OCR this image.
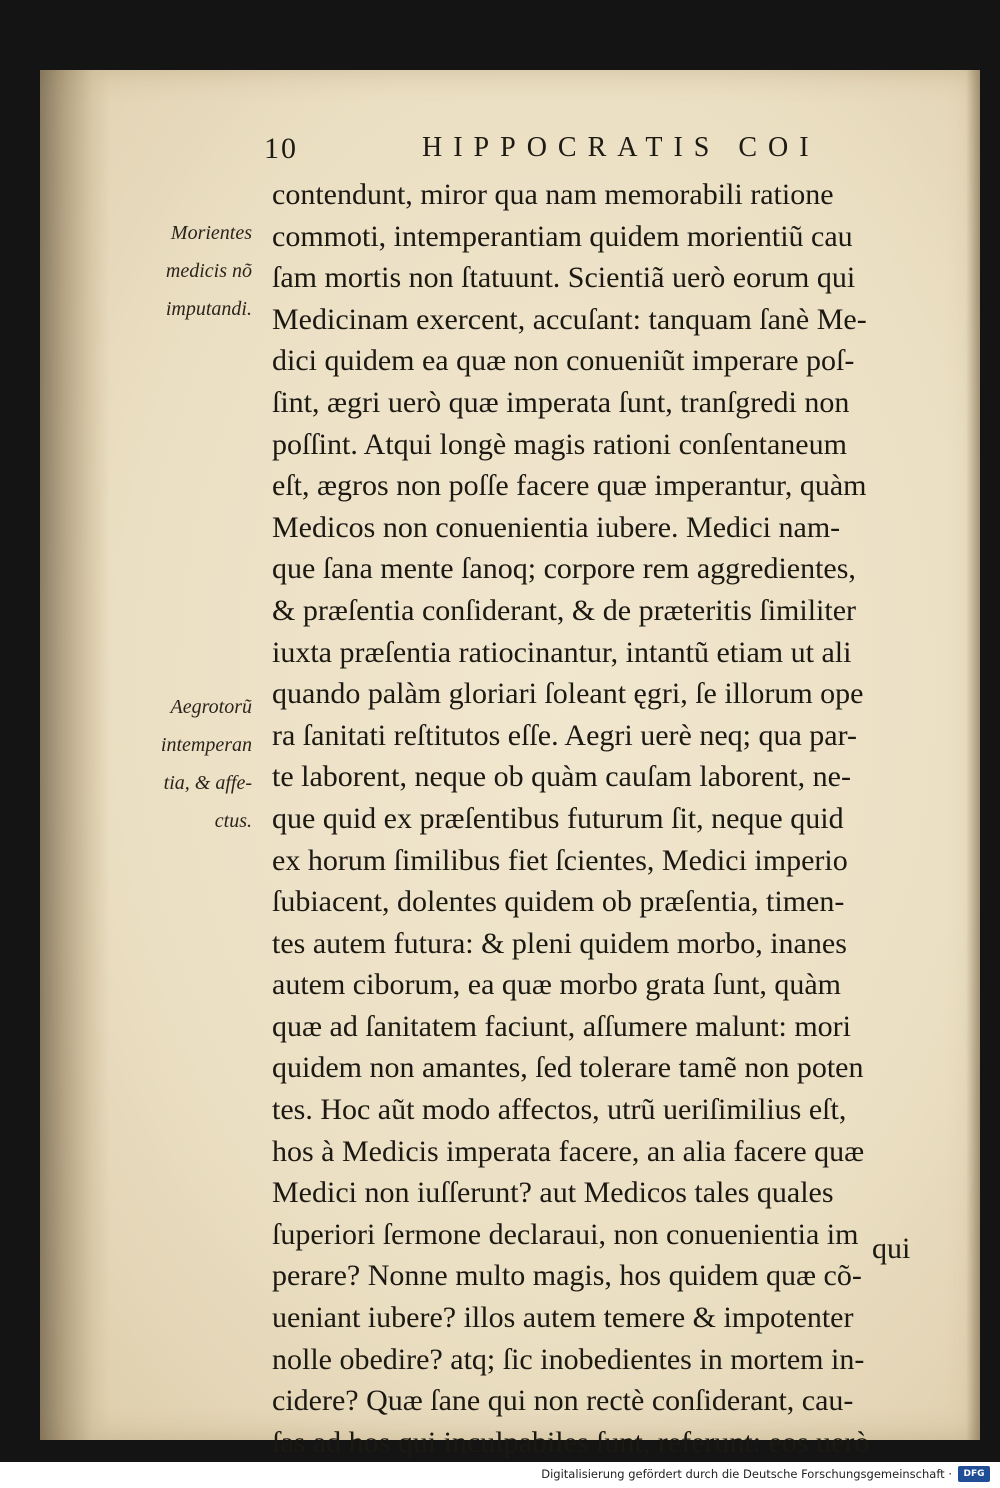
10	HIPPOCRATIS COI
Morientes
medicis nõ
imputandi.
Aegrotorũ
intemperan
tia, & affe-
ctus.
contendunt, miror qua nam memorabili ratione
commoti, intemperantiam quidem morientiũ cau
ſam mortis non ſtatuunt. Scientiã uerò eorum qui
Medicinam exercent, accuſant: tanquam ſanè Me-
dici quidem ea quæ non conueniũt imperare poſ-
ſint, ægri uerò quæ imperata ſunt, tranſgredi non
poſſint. Atqui longè magis rationi conſentaneum
eſt, ægros non poſſe facere quæ imperantur, quàm
Medicos non conuenientia iubere. Medici nam-
que ſana mente ſanoq; corpore rem aggredientes,
& præſentia conſiderant, & de præteritis ſimiliter
iuxta præſentia ratiocinantur, intantũ etiam ut ali
quando palàm gloriari ſoleant ęgri, ſe illorum ope
ra ſanitati reſtitutos eſſe. Aegri uerè neq; qua par-
te laborent, neque ob quàm cauſam laborent, ne-
que quid ex præſentibus futurum ſit, neque quid
ex horum ſimilibus fiet ſcientes, Medici imperio
ſubiacent, dolentes quidem ob præſentia, timen-
tes autem futura: & pleni quidem morbo, inanes
autem ciborum, ea quæ morbo grata ſunt, quàm
quæ ad ſanitatem faciunt, aſſumere malunt: mori
quidem non amantes, ſed tolerare tamẽ non poten
tes. Hoc aũt modo affectos, utrũ ueriſimilius eſt,
hos à Medicis imperata facere, an alia facere quæ
Medici non iuſſerunt? aut Medicos tales quales
ſuperiori ſermone declaraui, non conuenientia im
perare? Nonne multo magis, hos quidem quæ cõ-
ueniant iubere? illos autem temere & impotenter
nolle obedire? atq; ſic inobedientes in mortem in-
cidere? Quæ ſane qui non rectè conſiderant, cau-
ſas ad hos qui inculpabiles ſunt, referunt: eos uerò
qui
Digitalisierung gefördert durch die Deutsche Forschungsgemeinschaft ·	DFG
